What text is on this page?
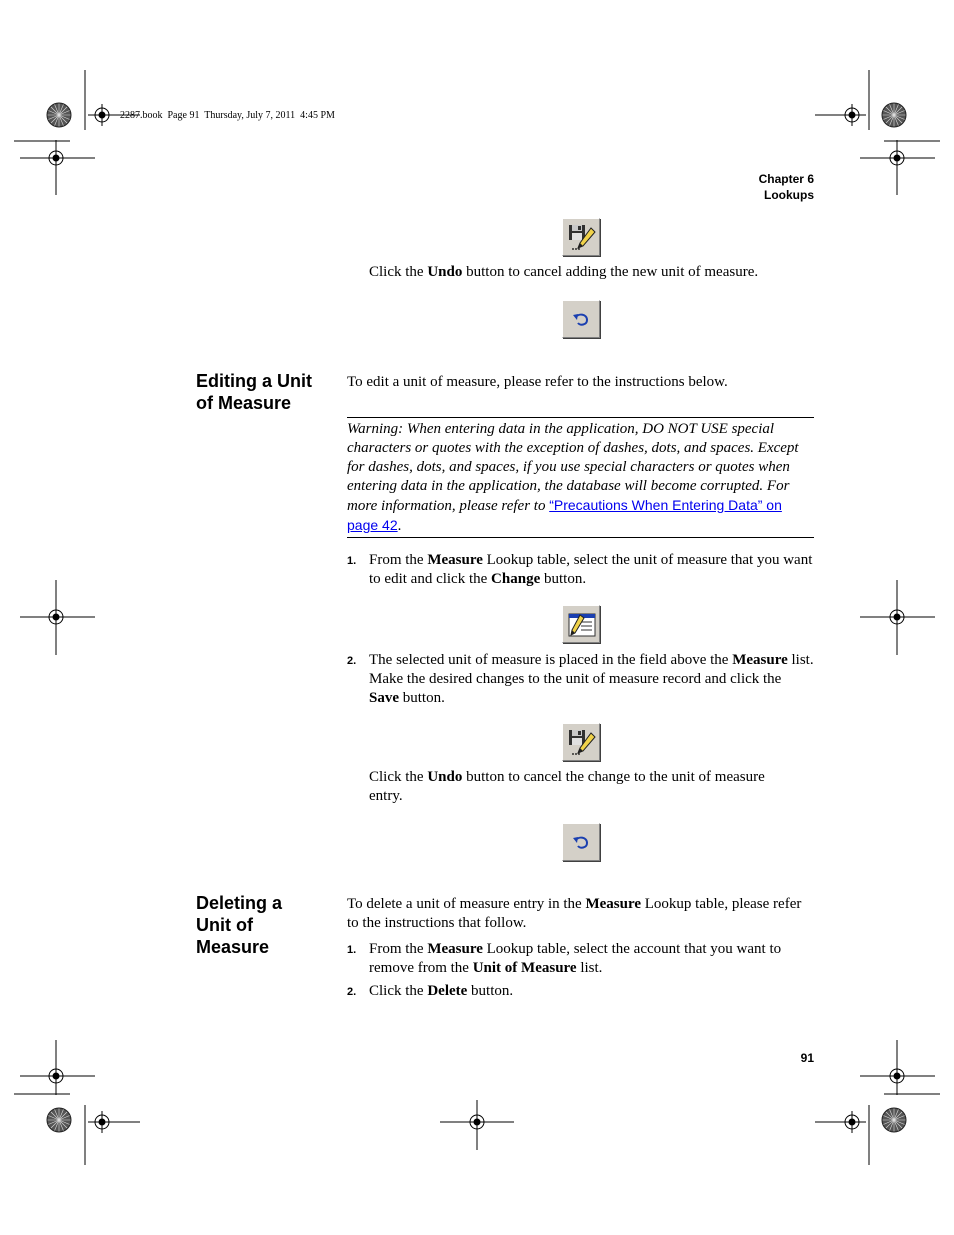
2287.book  Page 91  Thursday, July 7, 2011  4:45 PM
Chapter 6
Lookups
Click the Undo button to cancel adding the new unit of measure.
Editing a Unit
of Measure
To edit a unit of measure, please refer to the instructions below.
Warning: When entering data in the application, DO NOT USE special characters or quotes with the exception of dashes, dots, and spaces. Except for dashes, dots, and spaces, if you use special characters or quotes when entering data in the application, the database will become corrupted. For more information, please refer to “Precautions When Entering Data” on page 42.
1. From the Measure Lookup table, select the unit of measure that you want to edit and click the Change button.
2. The selected unit of measure is placed in the field above the Measure list. Make the desired changes to the unit of measure record and click the Save button.
Click the Undo button to cancel the change to the unit of measure entry.
Deleting a
Unit of
Measure
To delete a unit of measure entry in the Measure Lookup table, please refer to the instructions that follow.
1. From the Measure Lookup table, select the account that you want to remove from the Unit of Measure list.
2. Click the Delete button.
91
